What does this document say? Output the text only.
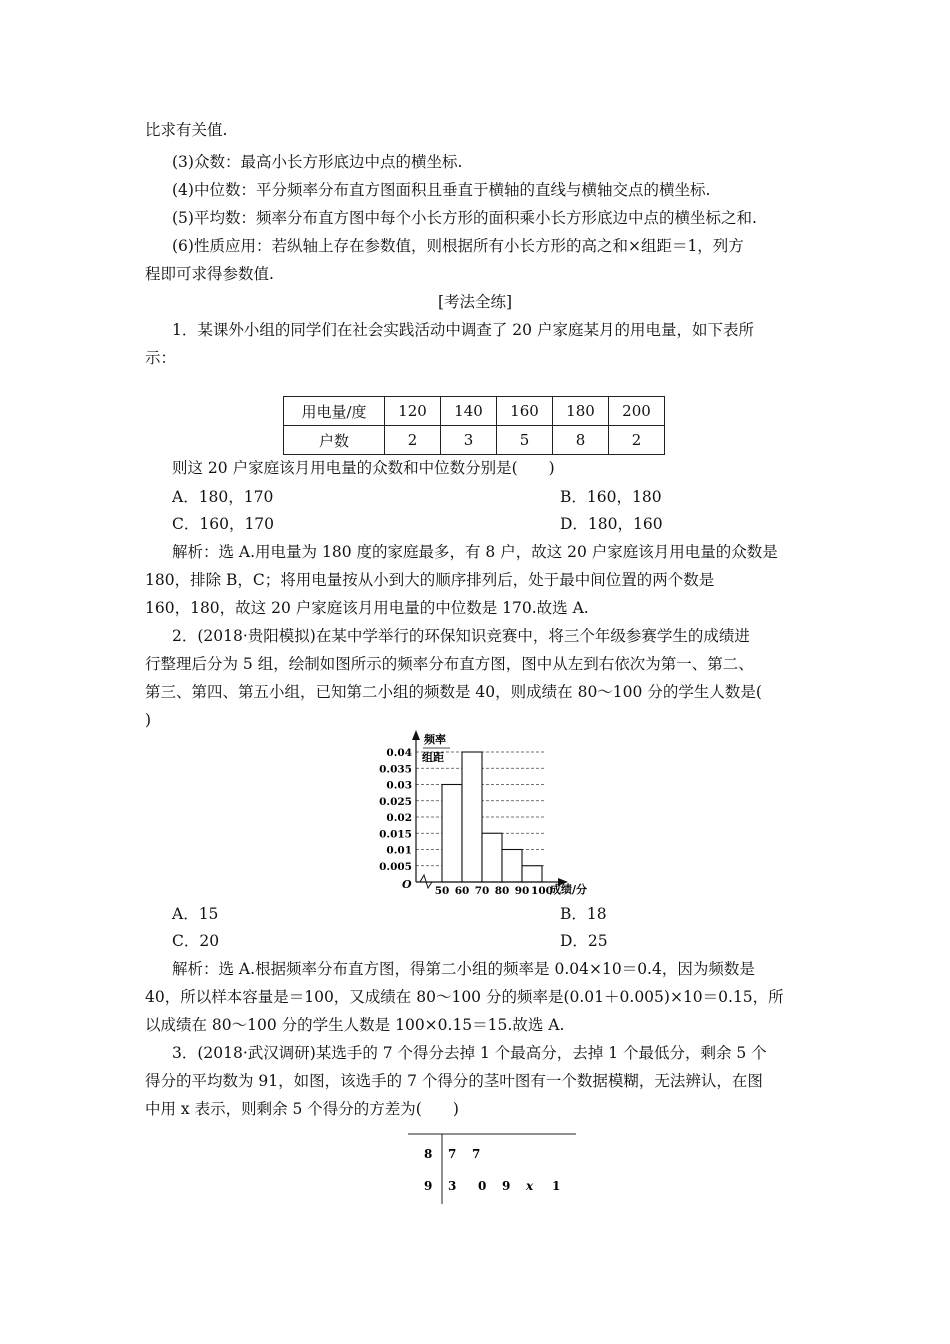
比求有关值.
(3)众数：最高小长方形底边中点的横坐标.
(4)中位数：平分频率分布直方图面积且垂直于横轴的直线与横轴交点的横坐标.
(5)平均数：频率分布直方图中每个小长方形的面积乘小长方形底边中点的横坐标之和.
(6)性质应用：若纵轴上存在参数值，则根据所有小长方形的高之和×组距＝1，列方
程即可求得参数值.
[考法全练]
1．某课外小组的同学们在社会实践活动中调查了 20 户家庭某月的用电量，如下表所
示：
用电量/度	120	140	160	180	200
户数	2	3	5	8	2
则这 20 户家庭该月用电量的众数和中位数分别是(　　)
A．180，170	B．160，180
C．160，170	D．180，160
解析：选 A.用电量为 180 度的家庭最多，有 8 户，故这 20 户家庭该月用电量的众数是
180，排除 B，C；将用电量按从小到大的顺序排列后，处于最中间位置的两个数是
160，180，故这 20 户家庭该月用电量的中位数是 170.故选 A.
2．(2018·贵阳模拟)在某中学举行的环保知识竞赛中，将三个年级参赛学生的成绩进
行整理后分为 5 组，绘制如图所示的频率分布直方图，图中从左到右依次为第一、第二、
第三、第四、第五小组，已知第二小组的频数是 40，则成绩在 80～100 分的学生人数是(
)
0.005
0.01
0.015
0.02
0.025
0.03
0.035
0.04
50 60 70 80 90 100
频率
组距
O	成绩/分
A．15	B．18
C．20	D．25
解析：选 A.根据频率分布直方图，得第二小组的频率是 0.04×10＝0.4，因为频数是
40，所以样本容量是＝100，又成绩在 80～100 分的频率是(0.01＋0.005)×10＝0.15，所
以成绩在 80～100 分的学生人数是 100×0.15＝15.故选 A.
3．(2018·武汉调研)某选手的 7 个得分去掉 1 个最高分，去掉 1 个最低分，剩余 5 个
得分的平均数为 91，如图，该选手的 7 个得分的茎叶图有一个数据模糊，无法辨认，在图
中用 x 表示，则剩余 5 个得分的方差为(　　)
8 7 7
9 3 0 9 x 1
